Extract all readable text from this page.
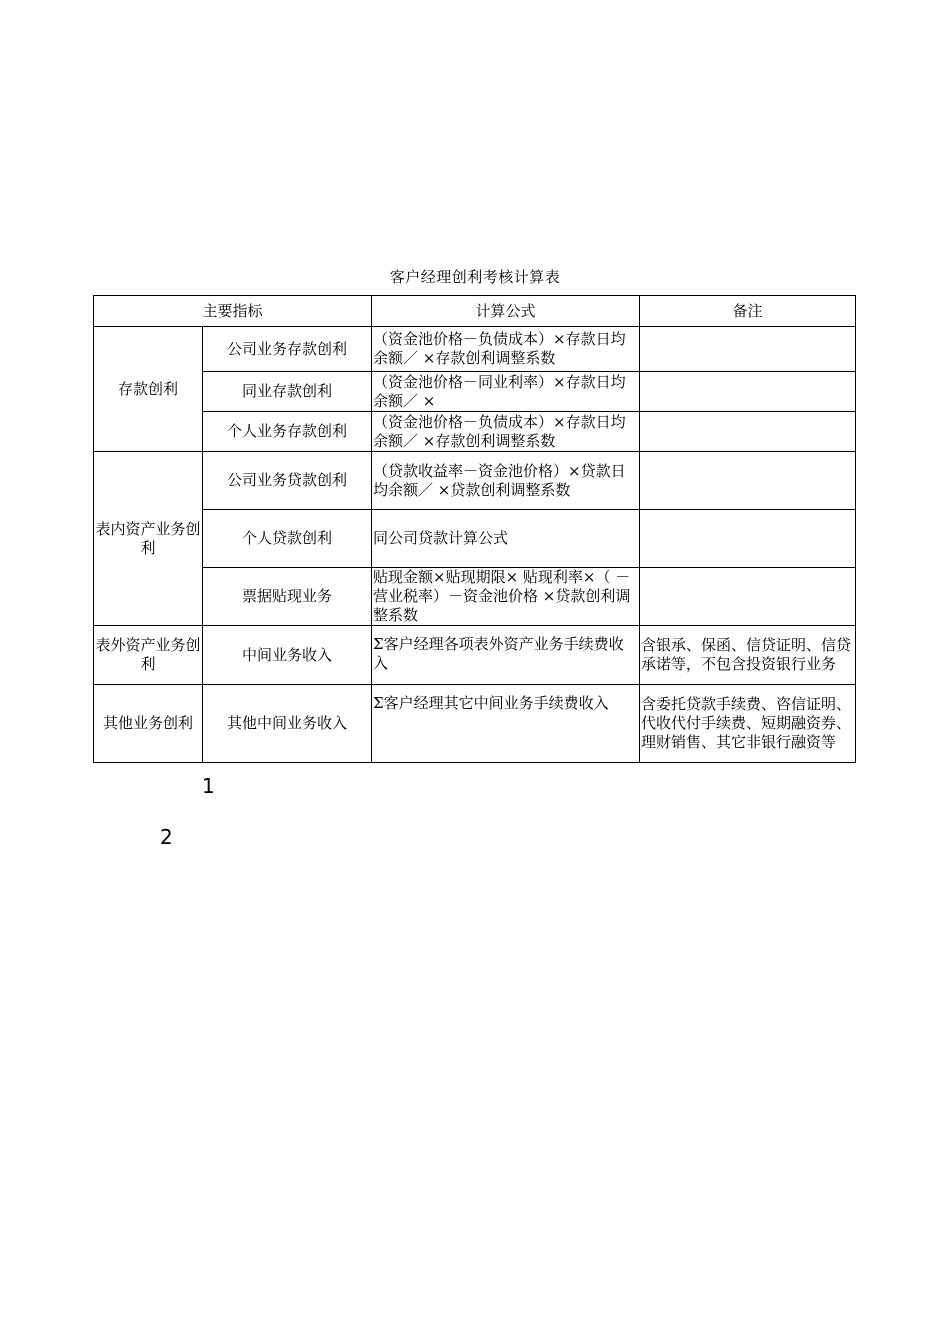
客户经理创利考核计算表
主要指标		计算公式	备注
存款创利	公司业务存款创利	（资金池价格－负债成本）×存款日均余额／ ×存款创利调整系数	
	同业存款创利	（资金池价格－同业利率）×存款日均余额／ ×	
	个人业务存款创利	（资金池价格－负债成本）×存款日均余额／ ×存款创利调整系数	
表内资产业务创利	公司业务贷款创利	（贷款收益率－资金池价格）×贷款日均余额／ ×贷款创利调整系数	
	个人贷款创利	同公司贷款计算公式	
	票据贴现业务	贴现金额×贴现期限× 贴现利率×（ －营业税率）－资金池价格 ×贷款创利调整系数	
表外资产业务创利	中间业务收入	Σ客户经理各项表外资产业务手续费收入	含银承、保函、信贷证明、信贷承诺等，不包含投资银行业务
其他业务创利	其他中间业务收入	Σ客户经理其它中间业务手续费收入	含委托贷款手续费、咨信证明、代收代付手续费、短期融资券、理财销售、其它非银行融资等
1
2
